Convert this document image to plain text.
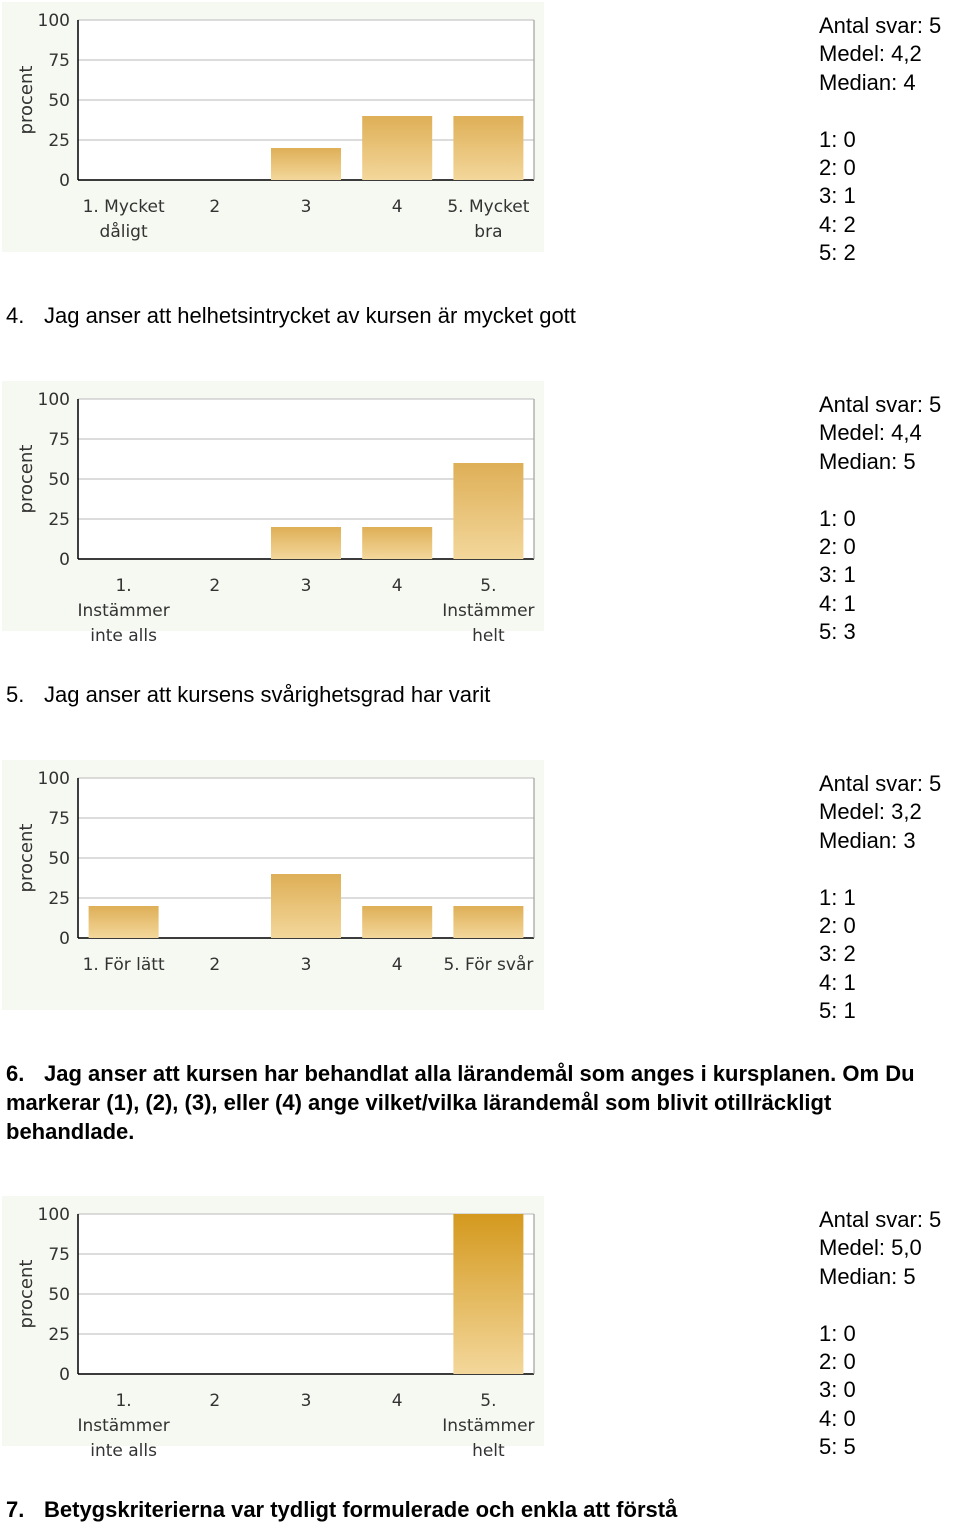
100
75
50
25
0
procent
1. Mycket
dåligt
2	3	4	5. Mycket
bra
Antal svar: 5
Medel: 4,2
Median: 4
1: 0
2: 0
3: 1
4: 2
5: 2
4. Jag anser att helhetsintrycket av kursen är mycket gott
100
75
50
25
0
procent
1.
Instämmer
inte alls
2	3	4	5.
Instämmer
helt
Antal svar: 5
Medel: 4,4
Median: 5
1: 0
2: 0
3: 1
4: 1
5: 3
5. Jag anser att kursens svårighetsgrad har varit
100
75
50
25
0
procent
1. För lätt	2	3	4 5. För svår
Antal svar: 5
Medel: 3,2
Median: 3
1: 1
2: 0
3: 2
4: 1
5: 1
6. Jag anser att kursen har behandlat alla lärandemål som anges i kursplanen. Om Du markerar (1), (2), (3), eller (4) ange vilket/vilka lärandemål som blivit otillräckligt behandlade.
100
75
50
25
0
procent
1.
Instämmer
inte alls
2	3	4	5.
Instämmer
helt
Antal svar: 5
Medel: 5,0
Median: 5
1: 0
2: 0
3: 0
4: 0
5: 5
7. Betygskriterierna var tydligt formulerade och enkla att förstå
